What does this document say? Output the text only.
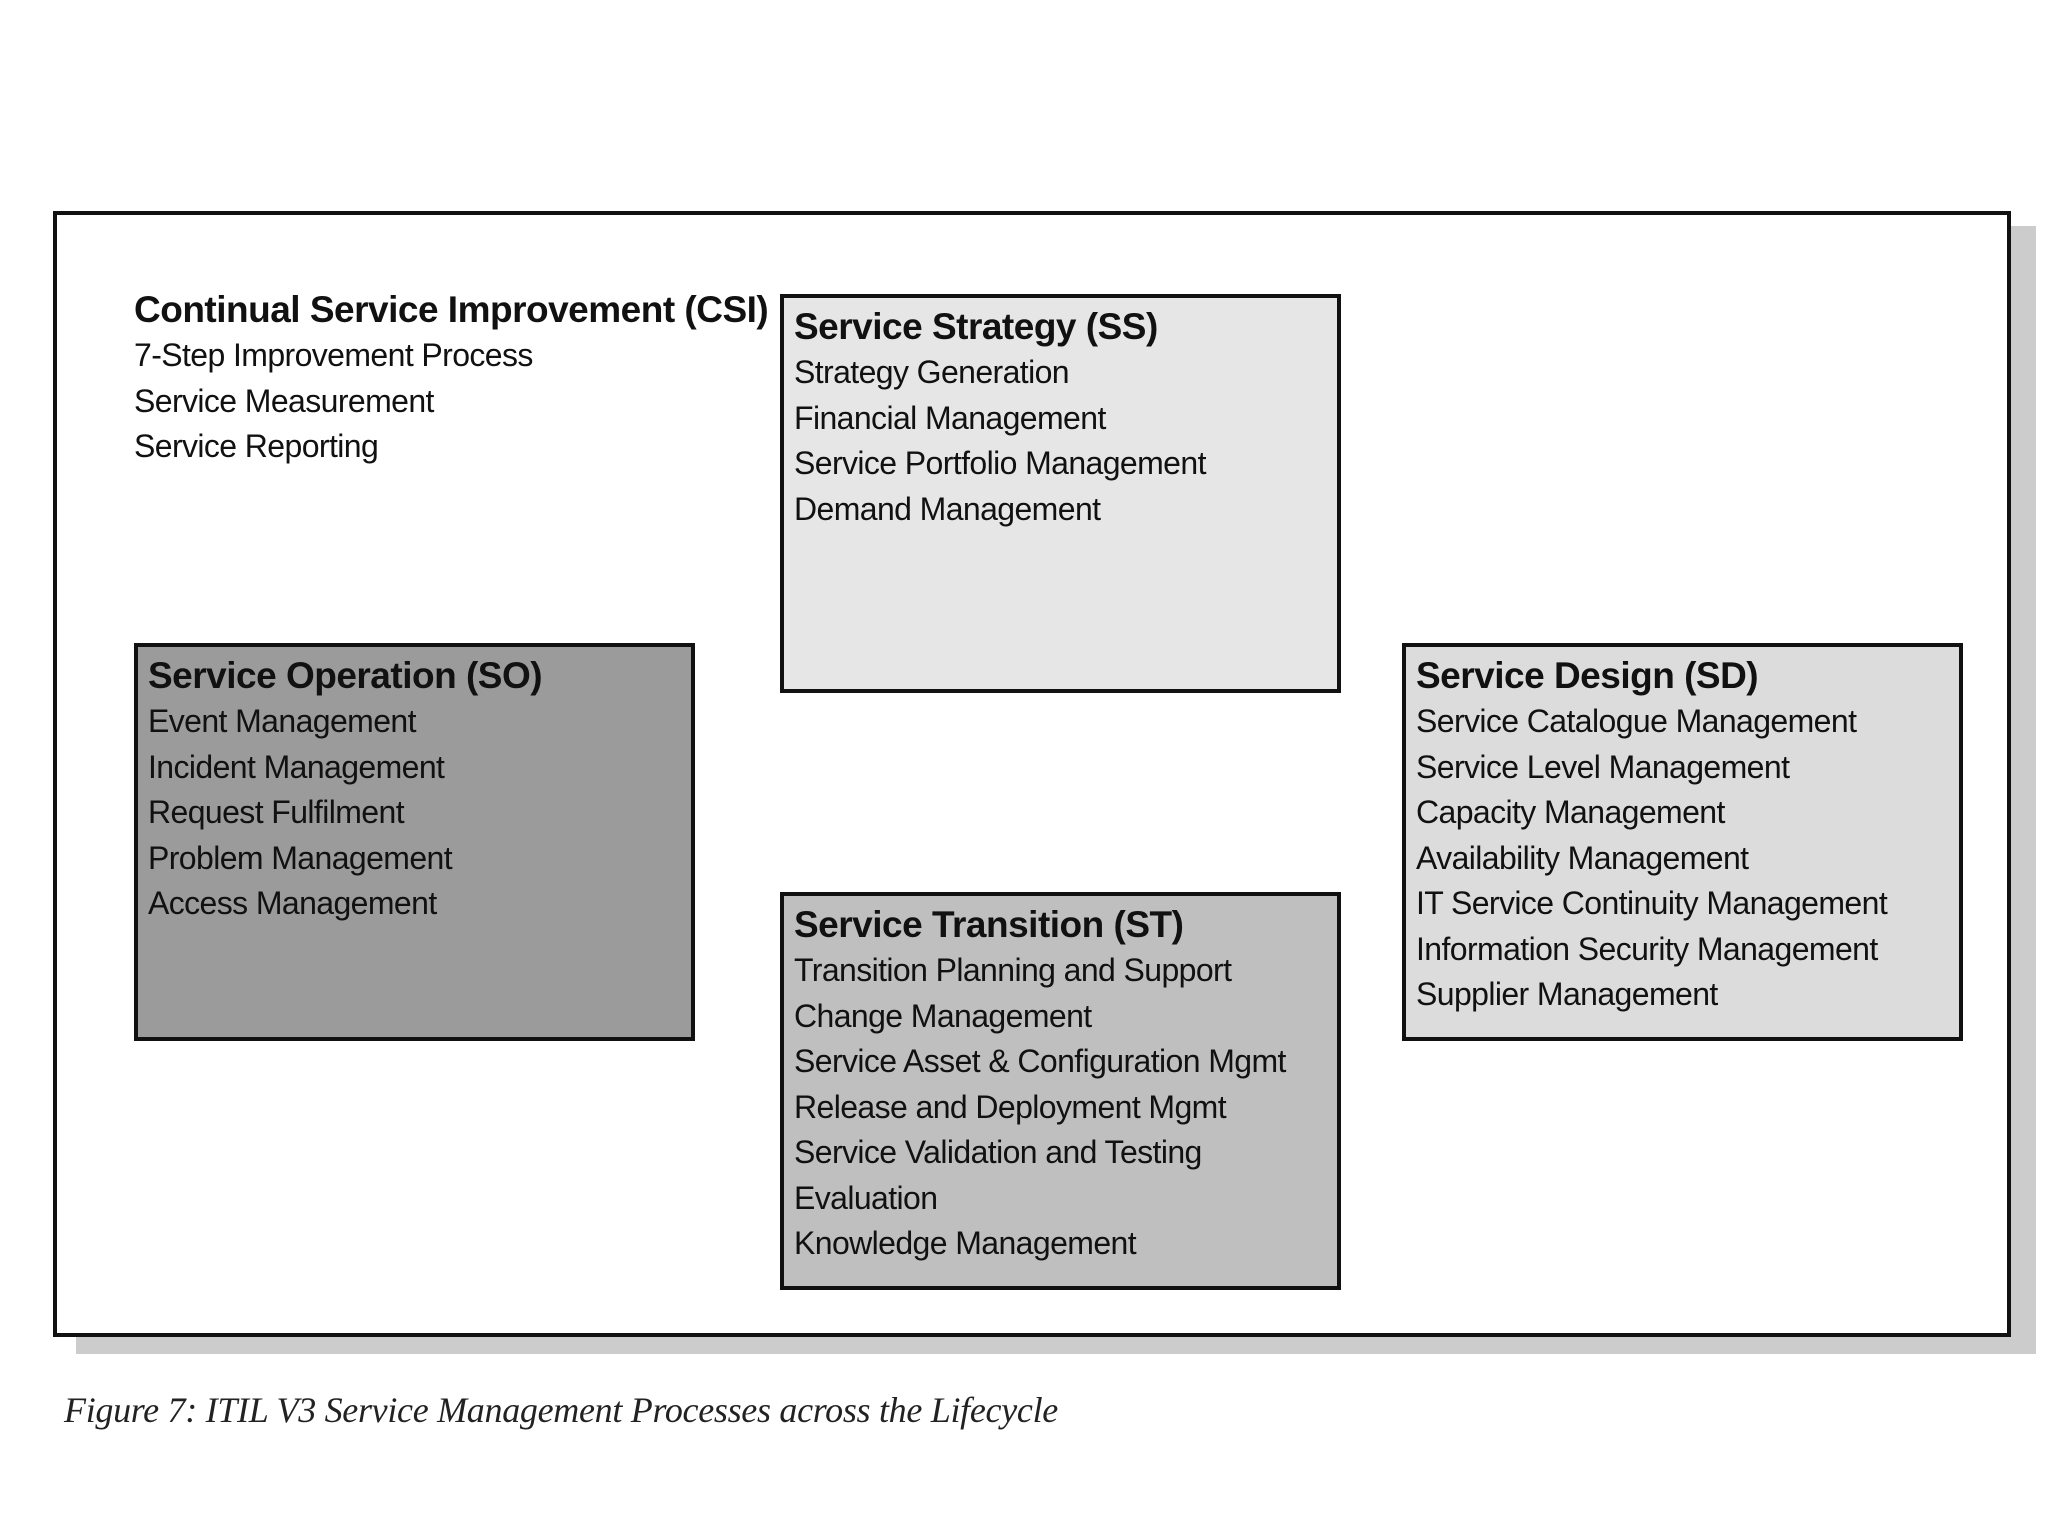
Continual Service Improvement (CSI)
7-Step Improvement Process
Service Measurement
Service Reporting
Service Strategy (SS)
Strategy Generation
Financial Management
Service Portfolio Management
Demand Management
Service Operation (SO)
Event Management
Incident Management
Request Fulfilment
Problem Management
Access Management
Service Design (SD)
Service Catalogue Management
Service Level Management
Capacity Management
Availability Management
IT Service Continuity Management
Information Security Management
Supplier Management
Service Transition (ST)
Transition Planning and Support
Change Management
Service Asset & Configuration Mgmt
Release and Deployment Mgmt
Service Validation and Testing
Evaluation
Knowledge Management
Figure 7: ITIL V3 Service Management Processes across the Lifecycle
